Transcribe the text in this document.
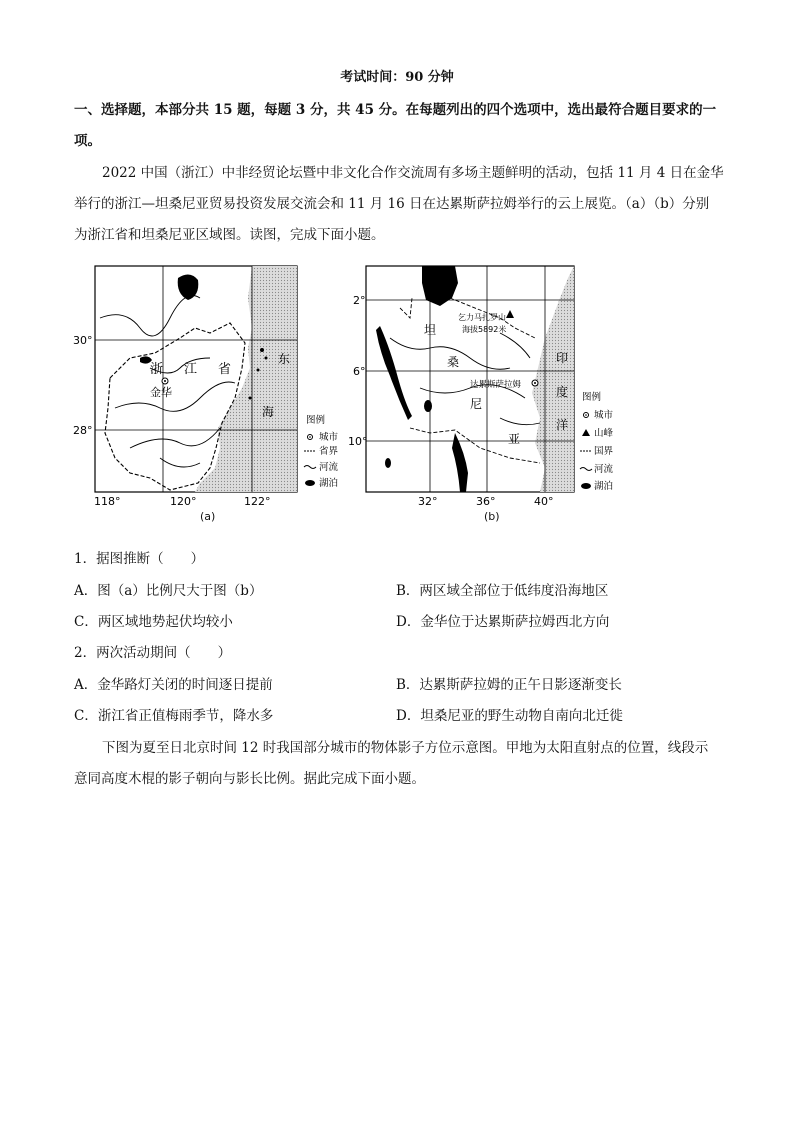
考试时间：90 分钟
一、选择题，本部分共 15 题，每题 3 分，共 45 分。在每题列出的四个选项中，选出最符合题目要求的一
项。
2022 中国（浙江）中非经贸论坛暨中非文化合作交流周有多场主题鲜明的活动，包括 11 月 4 日在金华
举行的浙江—坦桑尼亚贸易投资发展交流会和 11 月 16 日在达累斯萨拉姆举行的云上展览。（a）（b）分别
为浙江省和坦桑尼亚区域图。读图，完成下面小题。
30°
28°
118°	120°	122°
浙 江 省
金华
东
海
图例
城市
省界
河流
湖泊
(a)
2°
6°
10°
32°	36°	40°
坦
桑
尼
亚
印
度
洋
乞力马扎罗山
海拔5892米
达累斯萨拉姆
图例
城市
山峰
国界
河流
湖泊
(b)
1．据图推断（　　）
A．图（a）比例尺大于图（b）	B．两区域全部位于低纬度沿海地区
C．两区域地势起伏均较小	D．金华位于达累斯萨拉姆西北方向
2．两次活动期间（　　）
A．金华路灯关闭的时间逐日提前	B．达累斯萨拉姆的正午日影逐渐变长
C．浙江省正值梅雨季节，降水多	D．坦桑尼亚的野生动物自南向北迁徙
下图为夏至日北京时间 12 时我国部分城市的物体影子方位示意图。甲地为太阳直射点的位置，线段示
意同高度木棍的影子朝向与影长比例。据此完成下面小题。
